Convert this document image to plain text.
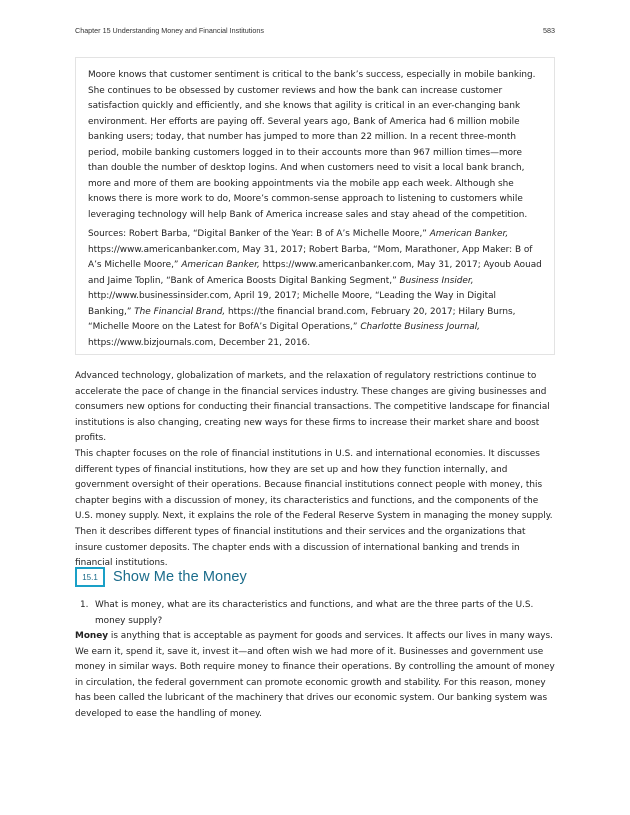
Chapter 15 Understanding Money and Financial Institutions	583

Moore knows that customer sentiment is critical to the bank’s success, especially in mobile banking. She continues to be obsessed by customer reviews and how the bank can increase customer satisfaction quickly and efficiently, and she knows that agility is critical in an ever-changing bank environment. Her efforts are paying off. Several years ago, Bank of America had 6 million mobile banking users; today, that number has jumped to more than 22 million. In a recent three-month period, mobile banking customers logged in to their accounts more than 967 million times—more than double the number of desktop logins. And when customers need to visit a local bank branch, more and more of them are booking appointments via the mobile app each week. Although she knows there is more work to do, Moore’s common-sense approach to listening to customers while leveraging technology will help Bank of America increase sales and stay ahead of the competition.

Sources: Robert Barba, “Digital Banker of the Year: B of A’s Michelle Moore,” American Banker, https://www.americanbanker.com, May 31, 2017; Robert Barba, “Mom, Marathoner, App Maker: B of A’s Michelle Moore,” American Banker, https://www.americanbanker.com, May 31, 2017; Ayoub Aouad and Jaime Toplin, “Bank of America Boosts Digital Banking Segment,” Business Insider, http://www.businessinsider.com, April 19, 2017; Michelle Moore, “Leading the Way in Digital Banking,” The Financial Brand, https://the financial brand.com, February 20, 2017; Hilary Burns, “Michelle Moore on the Latest for BofA’s Digital Operations,” Charlotte Business Journal, https://www.bizjournals.com, December 21, 2016.

Advanced technology, globalization of markets, and the relaxation of regulatory restrictions continue to accelerate the pace of change in the financial services industry. These changes are giving businesses and consumers new options for conducting their financial transactions. The competitive landscape for financial institutions is also changing, creating new ways for these firms to increase their market share and boost profits.

This chapter focuses on the role of financial institutions in U.S. and international economies. It discusses different types of financial institutions, how they are set up and how they function internally, and government oversight of their operations. Because financial institutions connect people with money, this chapter begins with a discussion of money, its characteristics and functions, and the components of the U.S. money supply. Next, it explains the role of the Federal Reserve System in managing the money supply. Then it describes different types of financial institutions and their services and the organizations that insure customer deposits. The chapter ends with a discussion of international banking and trends in financial institutions.

15.1	Show Me the Money
1. What is money, what are its characteristics and functions, and what are the three parts of the U.S. money supply?

Money is anything that is acceptable as payment for goods and services. It affects our lives in many ways. We earn it, spend it, save it, invest it—and often wish we had more of it. Businesses and government use money in similar ways. Both require money to finance their operations. By controlling the amount of money in circulation, the federal government can promote economic growth and stability. For this reason, money has been called the lubricant of the machinery that drives our economic system. Our banking system was developed to ease the handling of money.
